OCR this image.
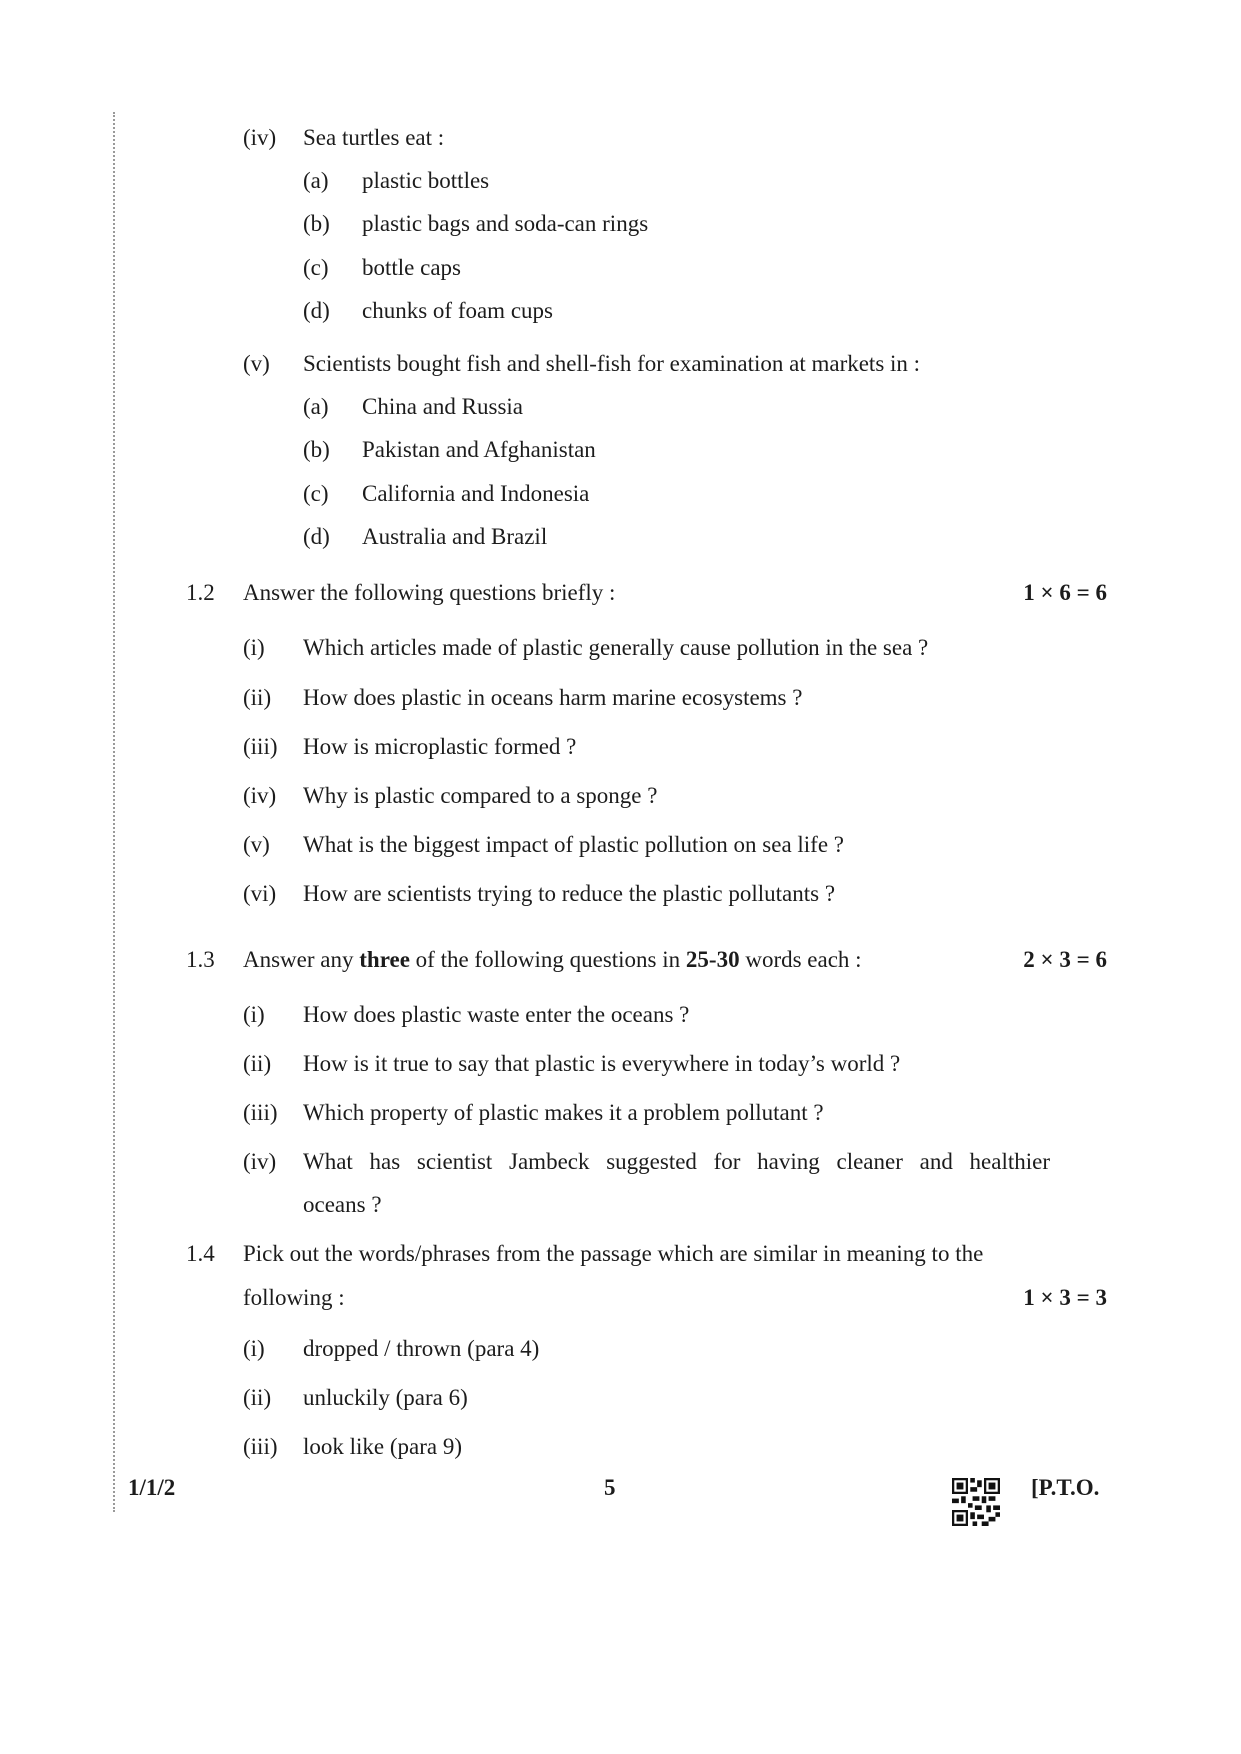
(iv) Sea turtles eat :
(a) plastic bottles
(b) plastic bags and soda-can rings
(c) bottle caps
(d) chunks of foam cups
(v) Scientists bought fish and shell-fish for examination at markets in :
(a) China and Russia
(b) Pakistan and Afghanistan
(c) California and Indonesia
(d) Australia and Brazil
1.2 Answer the following questions briefly :	1 × 6 = 6
(i) Which articles made of plastic generally cause pollution in the sea ?
(ii) How does plastic in oceans harm marine ecosystems ?
(iii) How is microplastic formed ?
(iv) Why is plastic compared to a sponge ?
(v) What is the biggest impact of plastic pollution on sea life ?
(vi) How are scientists trying to reduce the plastic pollutants ?
1.3 Answer any three of the following questions in 25-30 words each :	2 × 3 = 6
(i) How does plastic waste enter the oceans ?
(ii) How is it true to say that plastic is everywhere in today’s world ?
(iii) Which property of plastic makes it a problem pollutant ?
(iv) What has scientist Jambeck suggested for having cleaner and healthier
oceans ?
1.4 Pick out the words/phrases from the passage which are similar in meaning to the
following :	1 × 3 = 3
(i) dropped / thrown (para 4)
(ii) unluckily (para 6)
(iii) look like (para 9)
1/1/2	5	[P.T.O.
